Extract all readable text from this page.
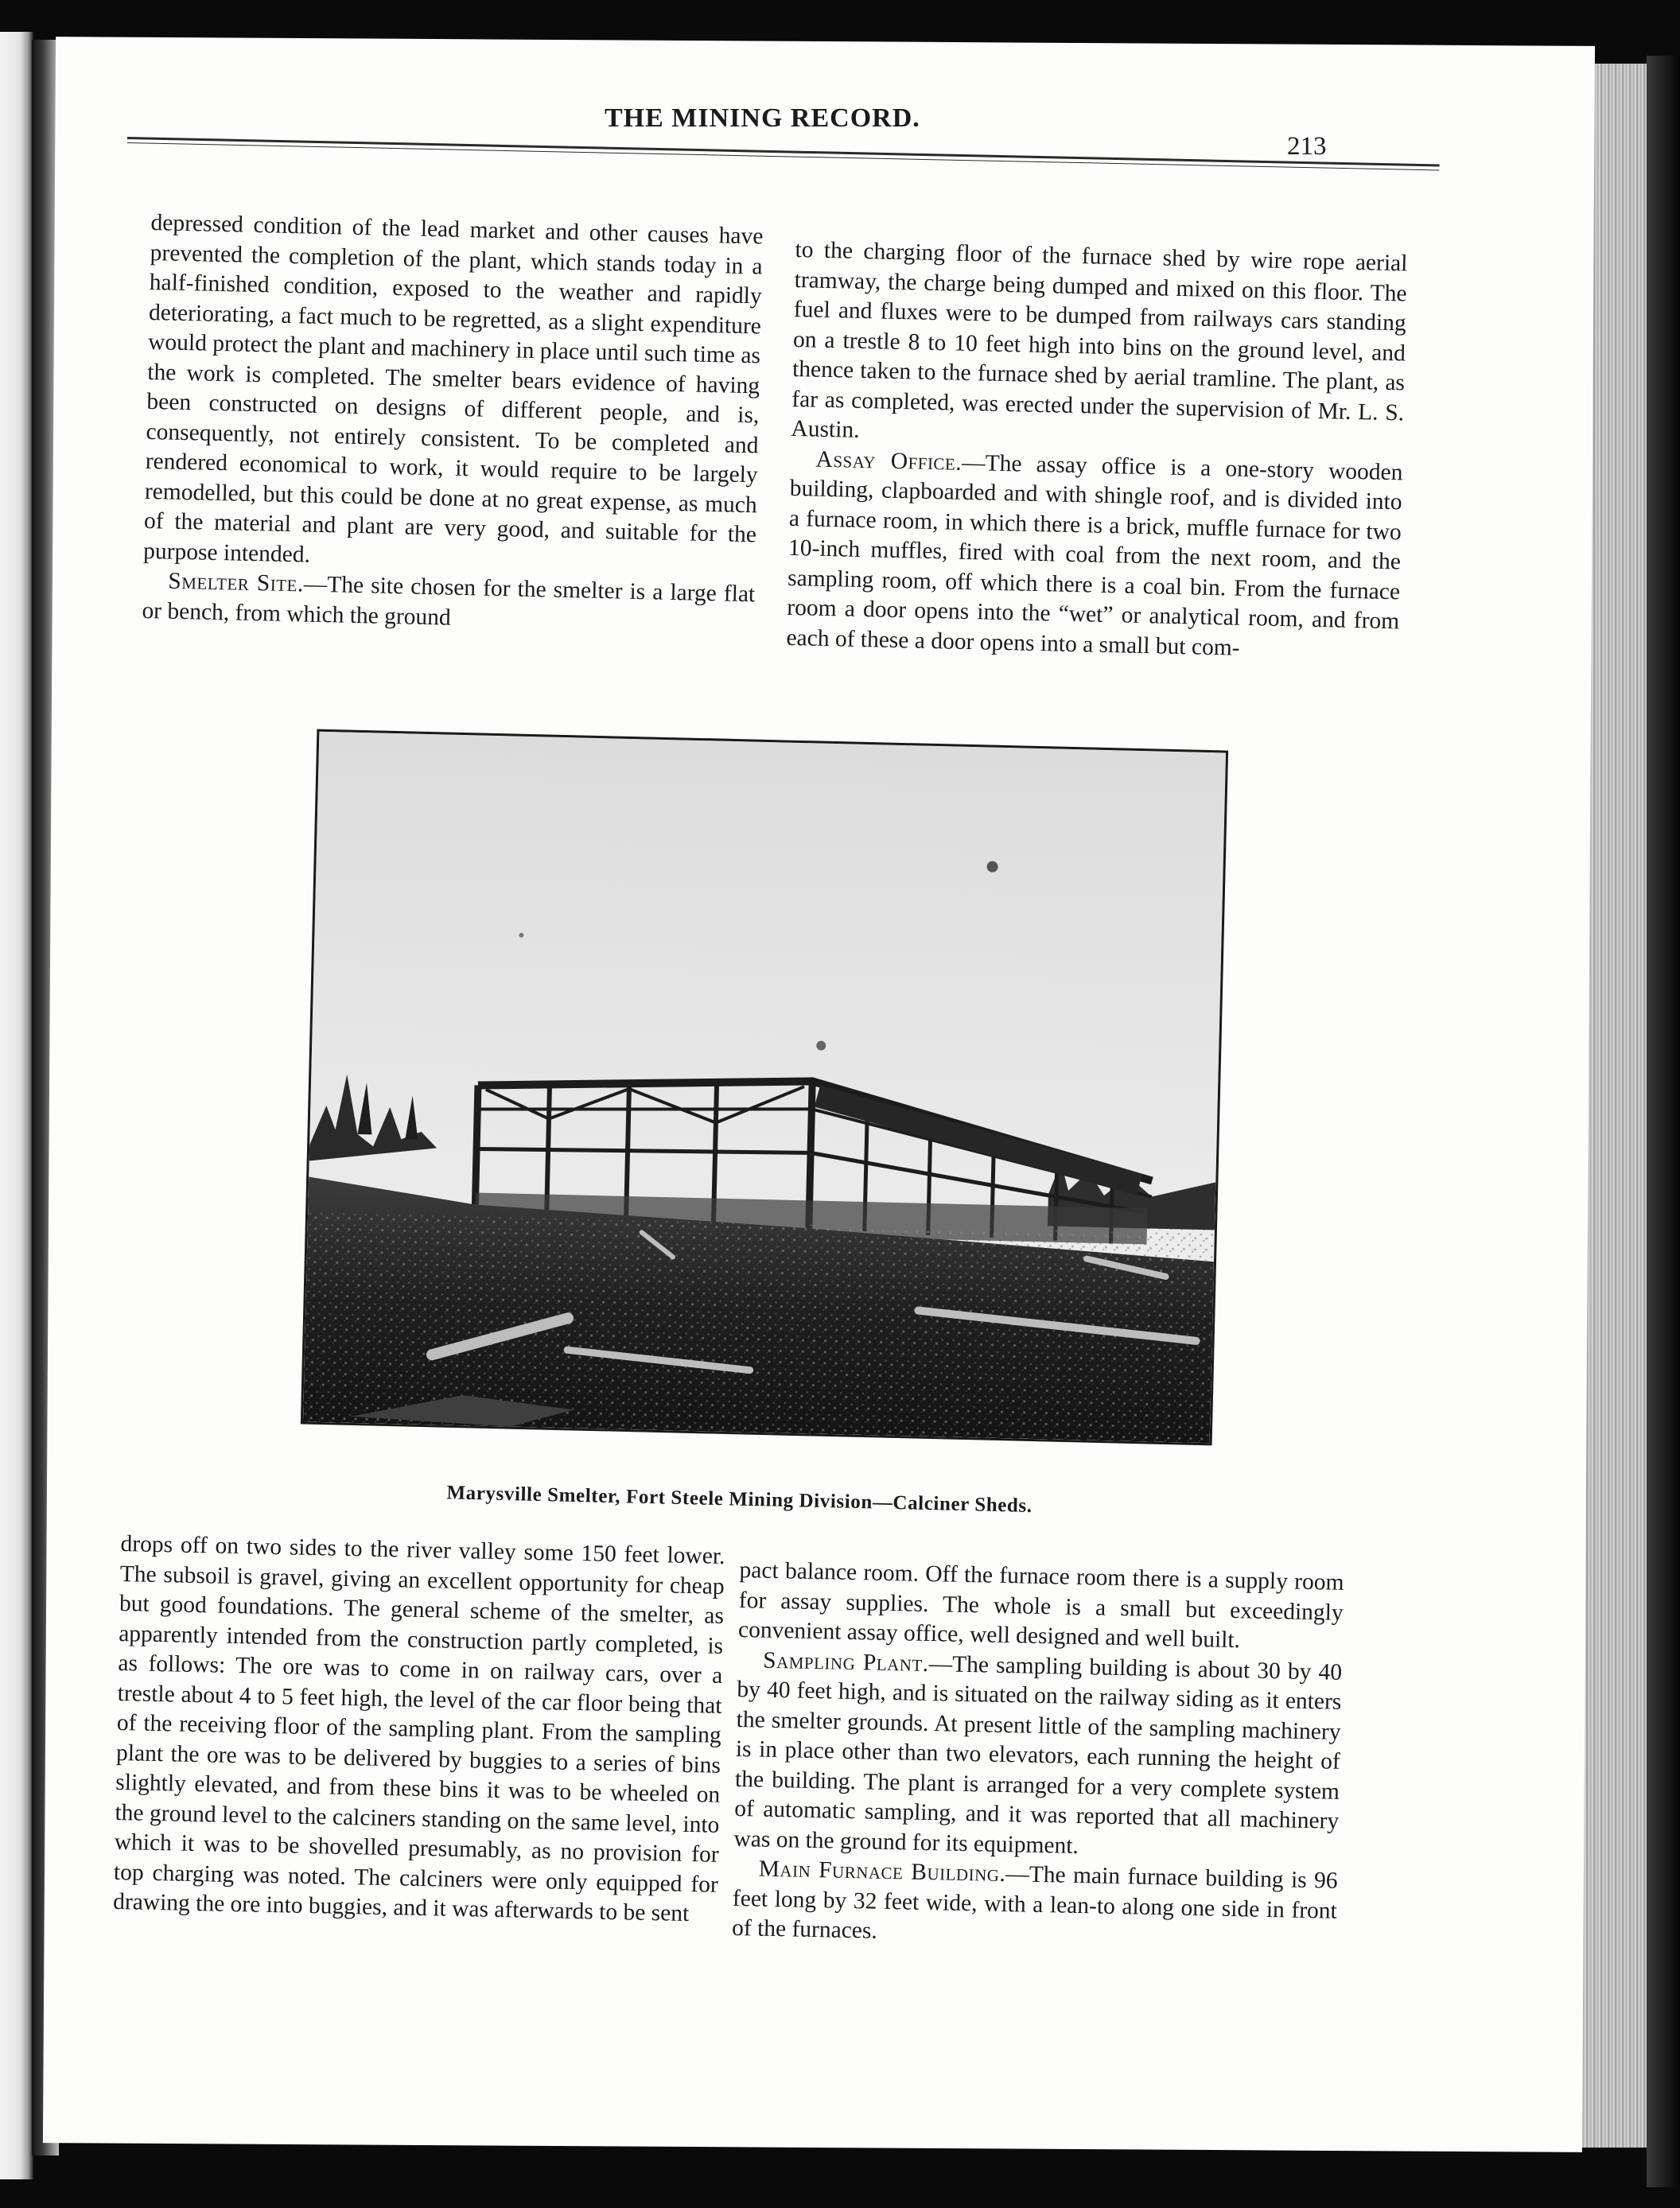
THE MINING RECORD.
213

depressed condition of the lead market and other causes have prevented the completion of the plant, which stands today in a half-finished condition, exposed to the weather and rapidly deteriorating, a fact much to be regretted, as a slight expenditure would protect the plant and machinery in place until such time as the work is completed. The smelter bears evidence of having been constructed on designs of different people, and is, consequently, not entirely consistent. To be completed and rendered economical to work, it would require to be largely remodelled, but this could be done at no great expense, as much of the material and plant are very good, and suitable for the purpose intended.

Smelter Site.—The site chosen for the smelter is a large flat or bench, from which the ground

to the charging floor of the furnace shed by wire rope aerial tramway, the charge being dumped and mixed on this floor. The fuel and fluxes were to be dumped from railways cars standing on a trestle 8 to 10 feet high into bins on the ground level, and thence taken to the furnace shed by aerial tramline. The plant, as far as completed, was erected under the supervision of Mr. L. S. Austin.

Assay Office.—The assay office is a one-story wooden building, clapboarded and with shingle roof, and is divided into a furnace room, in which there is a brick, muffle furnace for two 10-inch muffles, fired with coal from the next room, and the sampling room, off which there is a coal bin. From the furnace room a door opens into the “wet” or analytical room, and from each of these a door opens into a small but com-

Marysville Smelter, Fort Steele Mining Division—Calciner Sheds.

drops off on two sides to the river valley some 150 feet lower. The subsoil is gravel, giving an excellent opportunity for cheap but good foundations. The general scheme of the smelter, as apparently intended from the construction partly completed, is as follows: The ore was to come in on railway cars, over a trestle about 4 to 5 feet high, the level of the car floor being that of the receiving floor of the sampling plant. From the sampling plant the ore was to be delivered by buggies to a series of bins slightly elevated, and from these bins it was to be wheeled on the ground level to the calciners standing on the same level, into which it was to be shovelled presumably, as no provision for top charging was noted. The calciners were only equipped for drawing the ore into buggies, and it was afterwards to be sent

pact balance room. Off the furnace room there is a supply room for assay supplies. The whole is a small but exceedingly convenient assay office, well designed and well built.

Sampling Plant.—The sampling building is about 30 by 40 by 40 feet high, and is situated on the railway siding as it enters the smelter grounds. At present little of the sampling machinery is in place other than two elevators, each running the height of the building. The plant is arranged for a very complete system of automatic sampling, and it was reported that all machinery was on the ground for its equipment.

Main Furnace Building.—The main furnace building is 96 feet long by 32 feet wide, with a lean-to along one side in front of the furnaces.
